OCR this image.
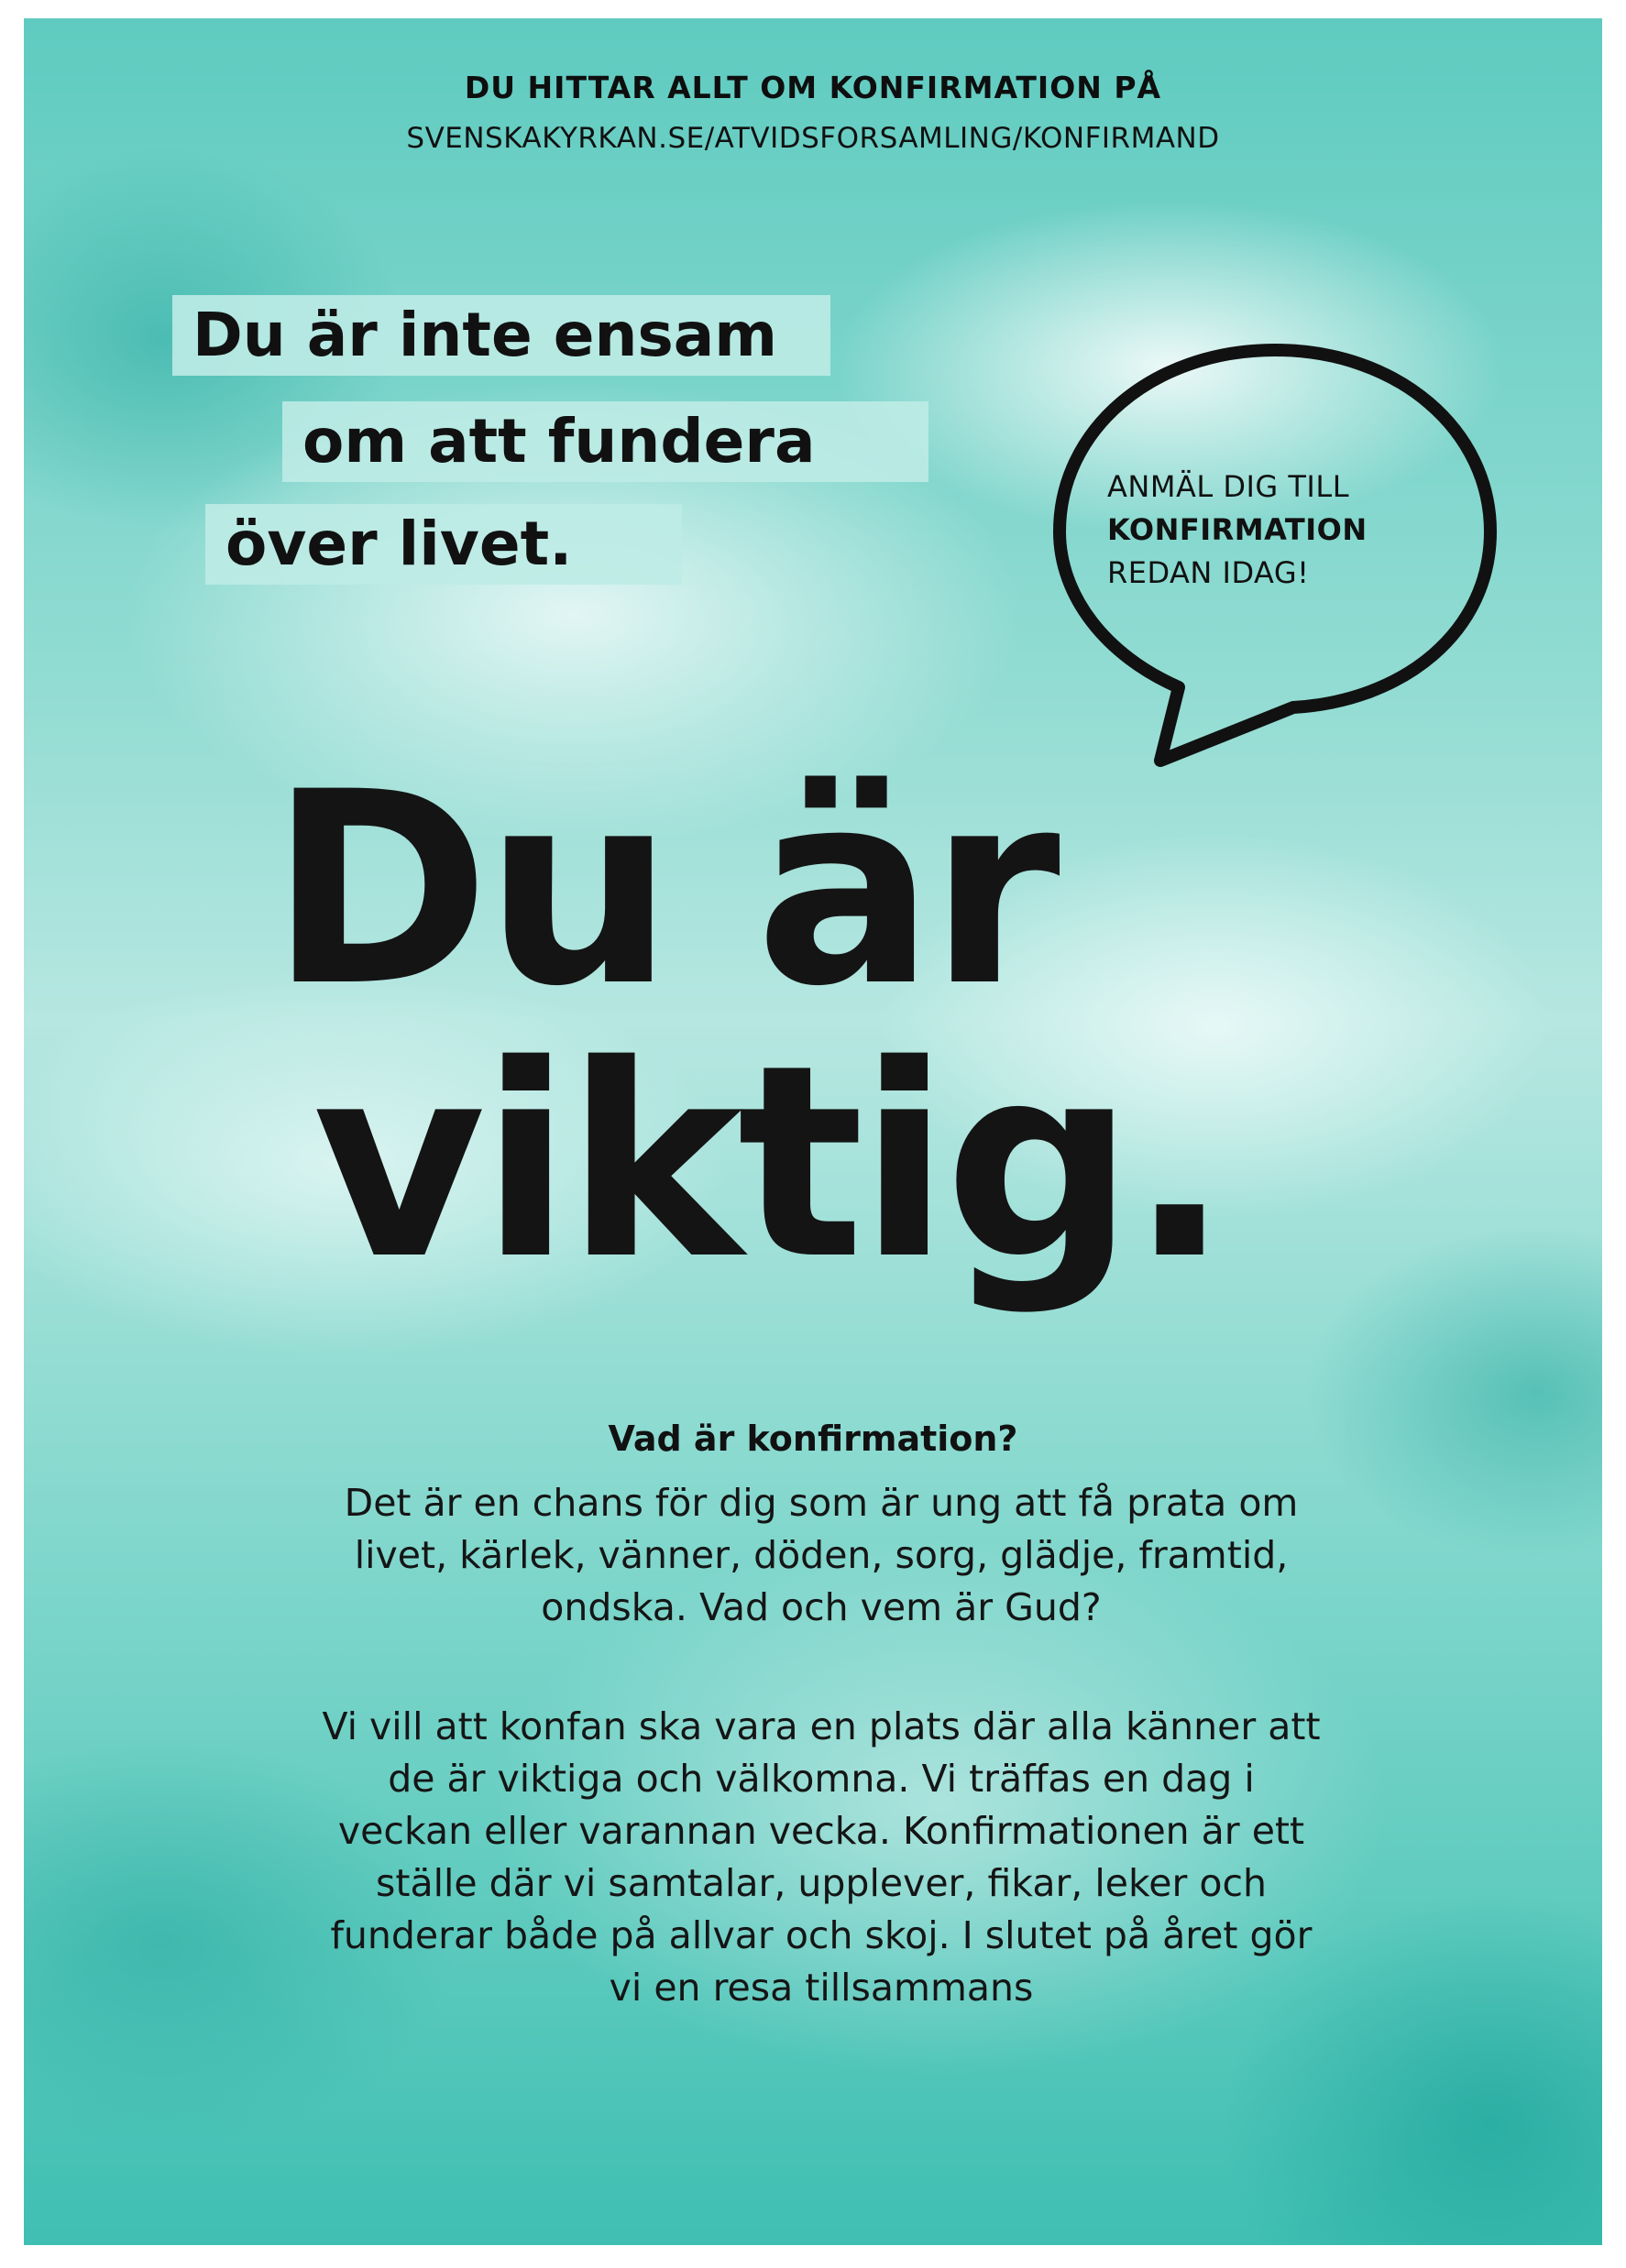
DU HITTAR ALLT OM KONFIRMATION PÅ
SVENSKAKYRKAN.SE/ATVIDSFORSAMLING/KONFIRMAND
Du är inte ensam
om att fundera
över livet.
ANMÄL DIG TILL
KONFIRMATION
REDAN IDAG!
Du är
viktig.
Vad är konfirmation?
Det är en chans för dig som är ung att få prata om livet, kärlek, vänner, döden, sorg, glädje, framtid, ondska. Vad och vem är Gud?
Vi vill att konfan ska vara en plats där alla känner att de är viktiga och välkomna. Vi träffas en dag i veckan eller varannan vecka. Konfirmationen är ett ställe där vi samtalar, upplever, fikar, leker och funderar både på allvar och skoj. I slutet på året gör vi en resa tillsammans
